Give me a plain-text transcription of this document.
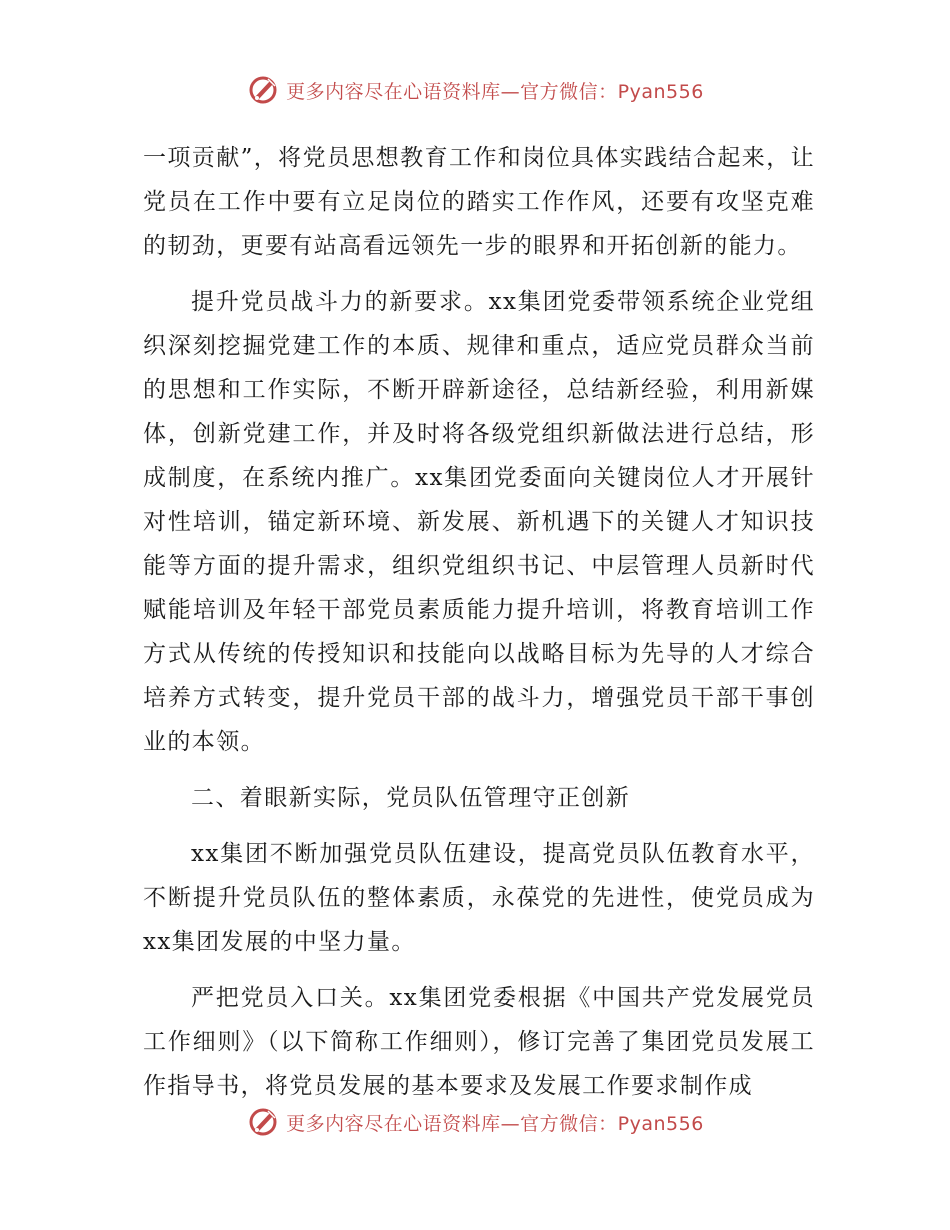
更多内容尽在心语资料库—官方微信：Pyan556

一项贡献”，将党员思想教育工作和岗位具体实践结合起来，让党员在工作中要有立足岗位的踏实工作作风，还要有攻坚克难的韧劲，更要有站高看远领先一步的眼界和开拓创新的能力。

提升党员战斗力的新要求。xx集团党委带领系统企业党组织深刻挖掘党建工作的本质、规律和重点，适应党员群众当前的思想和工作实际，不断开辟新途径，总结新经验，利用新媒体，创新党建工作，并及时将各级党组织新做法进行总结，形成制度，在系统内推广。xx集团党委面向关键岗位人才开展针对性培训，锚定新环境、新发展、新机遇下的关键人才知识技能等方面的提升需求，组织党组织书记、中层管理人员新时代赋能培训及年轻干部党员素质能力提升培训，将教育培训工作方式从传统的传授知识和技能向以战略目标为先导的人才综合培养方式转变，提升党员干部的战斗力，增强党员干部干事创业的本领。

二、着眼新实际，党员队伍管理守正创新

xx集团不断加强党员队伍建设，提高党员队伍教育水平，不断提升党员队伍的整体素质，永葆党的先进性，使党员成为xx集团发展的中坚力量。

严把党员入口关。xx集团党委根据《中国共产党发展党员工作细则》（以下简称工作细则），修订完善了集团党员发展工作指导书，将党员发展的基本要求及发展工作要求制作成

更多内容尽在心语资料库—官方微信：Pyan556
